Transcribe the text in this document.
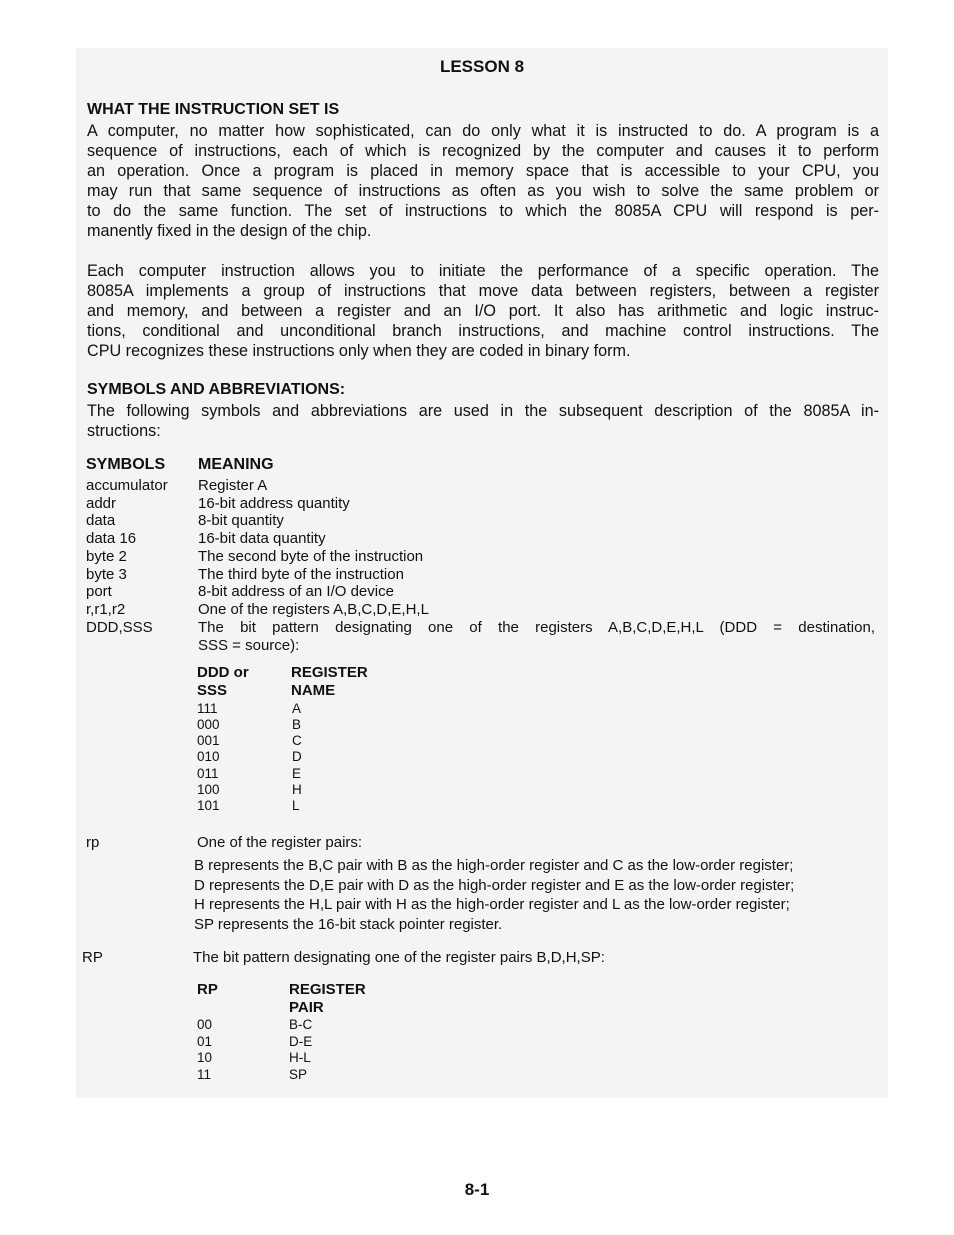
LESSON 8
WHAT THE INSTRUCTION SET IS
A computer, no matter how sophisticated, can do only what it is instructed to do. A program is a
sequence of instructions, each of which is recognized by the computer and causes it to perform
an operation. Once a program is placed in memory space that is accessible to your CPU, you
may run that same sequence of instructions as often as you wish to solve the same problem or
to do the same function. The set of instructions to which the 8085A CPU will respond is per-
manently fixed in the design of the chip.
Each computer instruction allows you to initiate the performance of a specific operation. The
8085A implements a group of instructions that move data between registers, between a register
and memory, and between a register and an I/O port. It also has arithmetic and logic instruc-
tions, conditional and unconditional branch instructions, and machine control instructions. The
CPU recognizes these instructions only when they are coded in binary form.
SYMBOLS AND ABBREVIATIONS:
The following symbols and abbreviations are used in the subsequent description of the 8085A in-
structions:
SYMBOLS MEANING
accumulator Register A
addr	16-bit address quantity
data	8-bit quantity
data 16	16-bit data quantity
byte 2	The second byte of the instruction
byte 3	The third byte of the instruction
port	8-bit address of an I/O device
r,r1,r2	One of the registers A,B,C,D,E,H,L
DDD,SSS	The bit pattern designating one of the registers A,B,C,D,E,H,L (DDD = destination,
SSS = source):
DDD or
SSS
REGISTER
NAME
111	A
000	B
001	C
010	D
011	E
100	H
101	L
rp	One of the register pairs:
B represents the B,C pair with B as the high-order register and C as the low-order register;
D represents the D,E pair with D as the high-order register and E as the low-order register;
H represents the H,L pair with H as the high-order register and L as the low-order register;
SP represents the 16-bit stack pointer register.
RP	The bit pattern designating one of the register pairs B,D,H,SP:
RP	REGISTER
PAIR
00	B-C
01	D-E
10	H-L
11	SP
8-1
